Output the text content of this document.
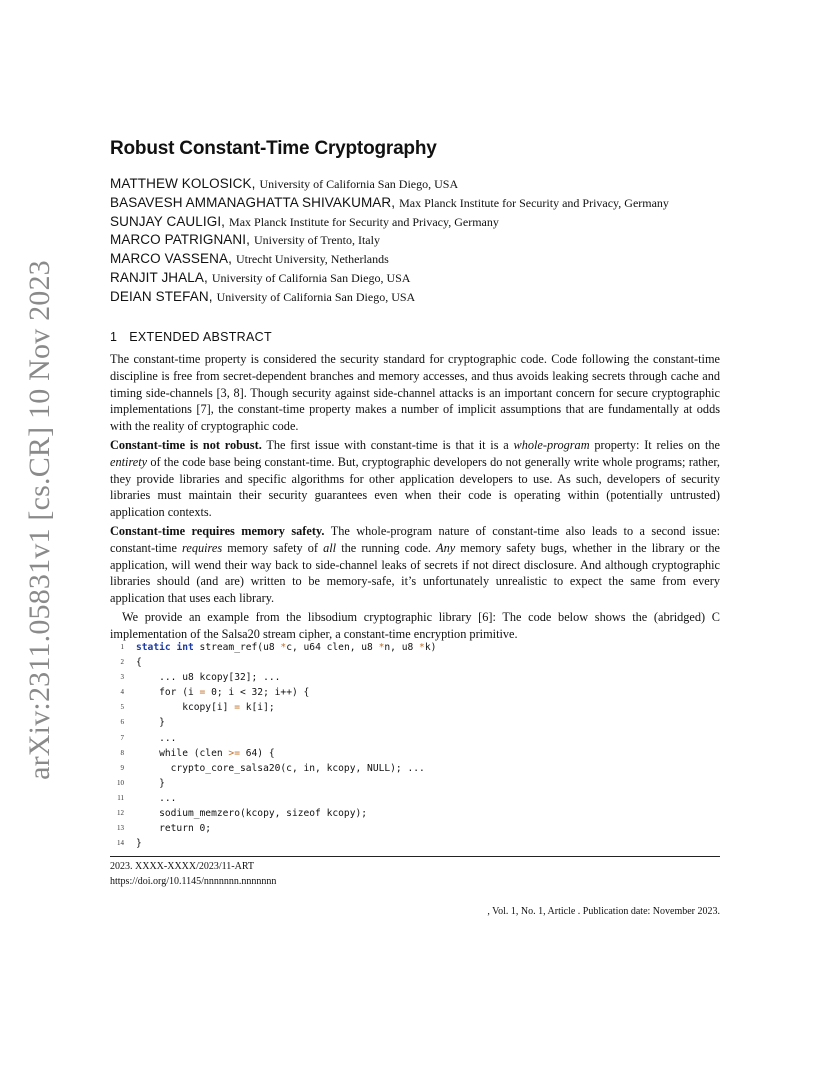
arXiv:2311.05831v1 [cs.CR] 10 Nov 2023
Robust Constant-Time Cryptography
MATTHEW KOLOSICK, University of California San Diego, USA
BASAVESH AMMANAGHATTA SHIVAKUMAR, Max Planck Institute for Security and Privacy, Germany
SUNJAY CAULIGI, Max Planck Institute for Security and Privacy, Germany
MARCO PATRIGNANI, University of Trento, Italy
MARCO VASSENA, Utrecht University, Netherlands
RANJIT JHALA, University of California San Diego, USA
DEIAN STEFAN, University of California San Diego, USA
1 EXTENDED ABSTRACT

The constant-time property is considered the security standard for cryptographic code. Code following the constant-time discipline is free from secret-dependent branches and memory accesses, and thus avoids leaking secrets through cache and timing side-channels [3, 8]. Though security against side-channel attacks is an important concern for secure cryptographic implementations [7], the constant-time property makes a number of implicit assumptions that are fundamentally at odds with the reality of cryptographic code.

Constant-time is not robust. The first issue with constant-time is that it is a whole-program property: It relies on the entirety of the code base being constant-time. But, cryptographic developers do not generally write whole programs; rather, they provide libraries and specific algorithms for other application developers to use. As such, developers of security libraries must maintain their security guarantees even when their code is operating within (potentially untrusted) application contexts.

Constant-time requires memory safety. The whole-program nature of constant-time also leads to a second issue: constant-time requires memory safety of all the running code. Any memory safety bugs, whether in the library or the application, will wend their way back to side-channel leaks of secrets if not direct disclosure. And although cryptographic libraries should (and are) written to be memory-safe, it’s unfortunately unrealistic to expect the same from every application that uses each library.

We provide an example from the libsodium cryptographic library [6]: The code below shows the (abridged) C implementation of the Salsa20 stream cipher, a constant-time encryption primitive.

1 static int stream_ref(u8 *c, u64 clen, u8 *n, u8 *k)
2 {
3 ... u8 kcopy[32]; ...
4 for (i = 0; i < 32; i++) {
5 kcopy[i] = k[i];
6 }
7 ...
8 while (clen >= 64) {
9 crypto_core_salsa20(c, in, kcopy, NULL); ...
10 }
11 ...
12 sodium_memzero(kcopy, sizeof kcopy);
13 return 0;
14 }
2023. XXXX-XXXX/2023/11-ART
https://doi.org/10.1145/nnnnnnn.nnnnnnn
, Vol. 1, No. 1, Article . Publication date: November 2023.
